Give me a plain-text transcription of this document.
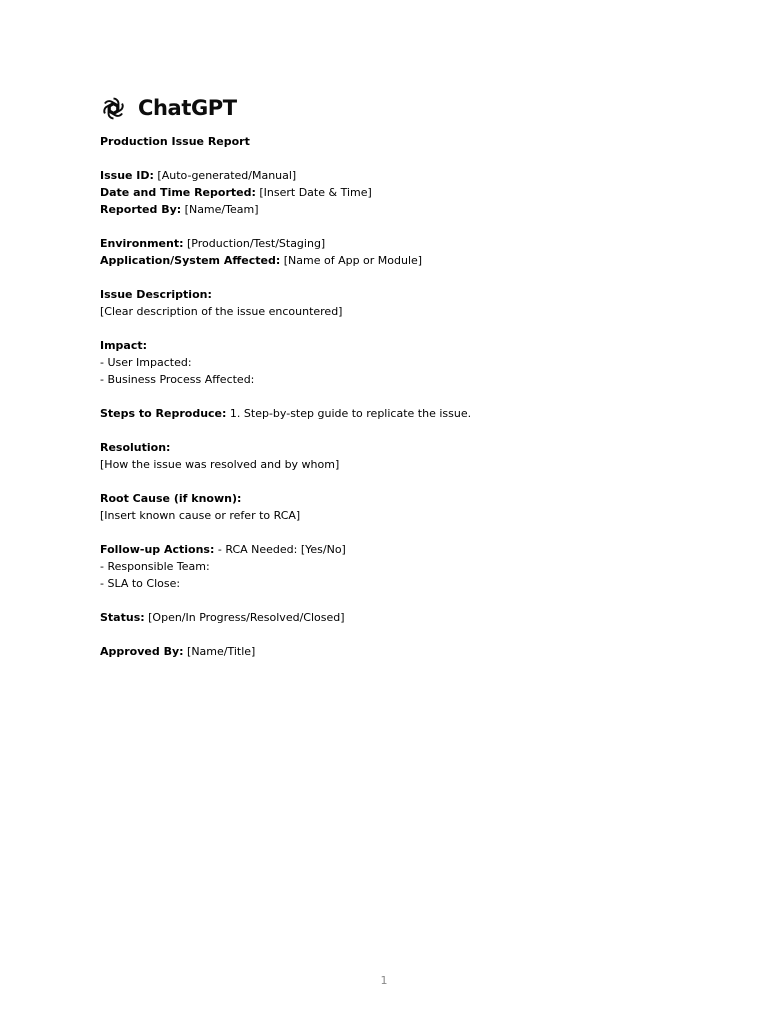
ChatGPT
Production Issue Report
Issue ID: [Auto-generated/Manual]
Date and Time Reported: [Insert Date & Time]
Reported By: [Name/Team]
Environment: [Production/Test/Staging]
Application/System Affected: [Name of App or Module]
Issue Description:
[Clear description of the issue encountered]
Impact:
- User Impacted:
- Business Process Affected:
Steps to Reproduce: 1. Step-by-step guide to replicate the issue.
Resolution:
[How the issue was resolved and by whom]
Root Cause (if known):
[Insert known cause or refer to RCA]
Follow-up Actions: - RCA Needed: [Yes/No]
- Responsible Team:
- SLA to Close:
Status: [Open/In Progress/Resolved/Closed]
Approved By: [Name/Title]
1
